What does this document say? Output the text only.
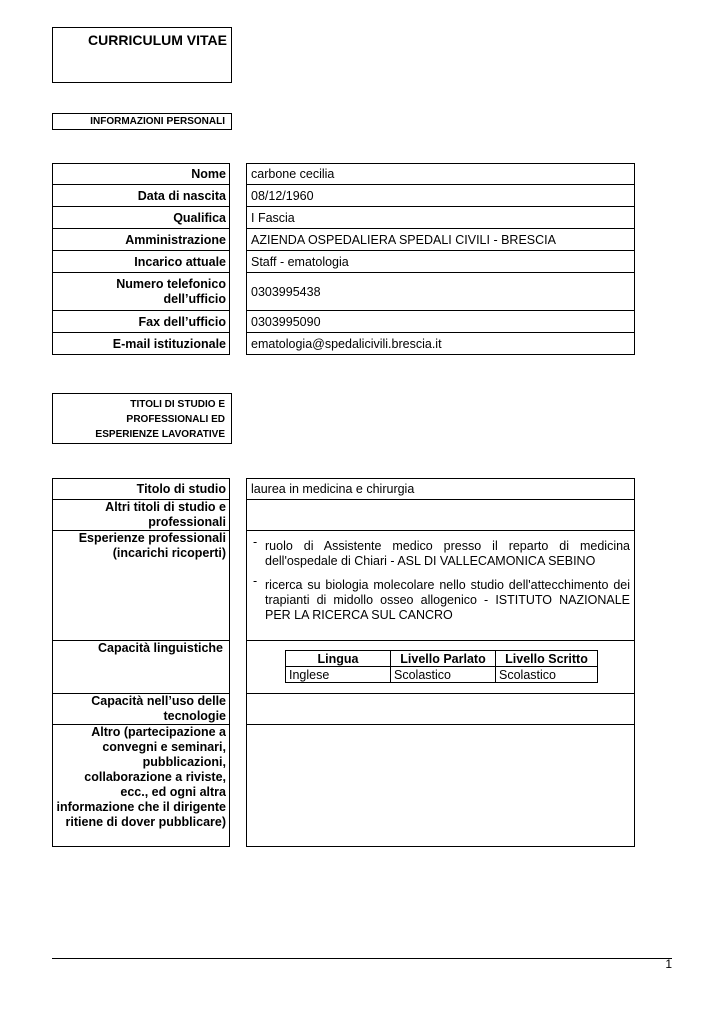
CURRICULUM VITAE
INFORMAZIONI PERSONALI
Nome		carbone cecilia
Data di nascita		08/12/1960
Qualifica		I Fascia
Amministrazione		AZIENDA OSPEDALIERA SPEDALI CIVILI - BRESCIA
Incarico attuale		Staff - ematologia
Numero telefonico dell’ufficio		0303995438
Fax dell’ufficio		0303995090
E-mail istituzionale		ematologia@spedalicivili.brescia.it
TITOLI DI STUDIO E
PROFESSIONALI ED
ESPERIENZE LAVORATIVE
Titolo di studio		laurea in medicina e chirurgia
Altri titoli di studio e professionali		
Esperienze professionali (incarichi ricoperti)		
- ruolo di Assistente medico presso il reparto di medicina dell'ospedale di Chiari - ASL DI VALLECAMONICA SEBINO
- ricerca su biologia molecolare nello studio dell'attecchimento dei trapianti di midollo osseo allogenico - ISTITUTO NAZIONALE PER LA RICERCA SUL CANCRO

Capacità linguistiche		
Lingua	Livello Parlato	Livello Scritto
Inglese	Scolastico	Scolastico

Capacità nell’uso delle tecnologie		
Altro (partecipazione a convegni e seminari, pubblicazioni, collaborazione a riviste, ecc., ed ogni altra informazione che il dirigente ritiene di dover pubblicare)		
1
